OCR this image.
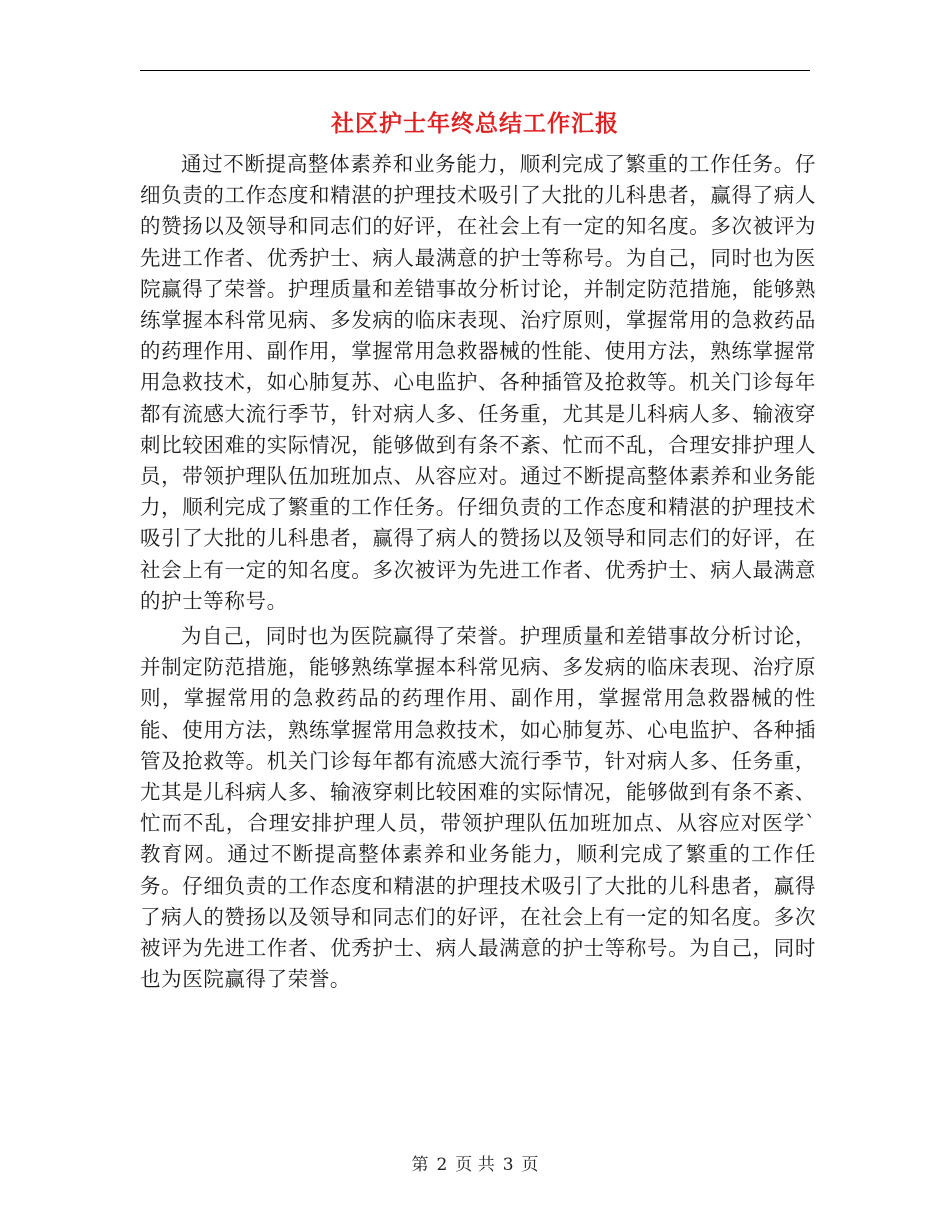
社区护士年终总结工作汇报

通过不断提高整体素养和业务能力，顺利完成了繁重的工作任务。仔细负责的工作态度和精湛的护理技术吸引了大批的儿科患者，赢得了病人的赞扬以及领导和同志们的好评，在社会上有一定的知名度。多次被评为先进工作者、优秀护士、病人最满意的护士等称号。为自己，同时也为医院赢得了荣誉。护理质量和差错事故分析讨论，并制定防范措施，能够熟练掌握本科常见病、多发病的临床表现、治疗原则，掌握常用的急救药品的药理作用、副作用，掌握常用急救器械的性能、使用方法，熟练掌握常用急救技术，如心肺复苏、心电监护、各种插管及抢救等。机关门诊每年都有流感大流行季节，针对病人多、任务重，尤其是儿科病人多、输液穿刺比较困难的实际情况，能够做到有条不紊、忙而不乱，合理安排护理人员，带领护理队伍加班加点、从容应对。通过不断提高整体素养和业务能力，顺利完成了繁重的工作任务。仔细负责的工作态度和精湛的护理技术吸引了大批的儿科患者，赢得了病人的赞扬以及领导和同志们的好评，在社会上有一定的知名度。多次被评为先进工作者、优秀护士、病人最满意的护士等称号。

为自己，同时也为医院赢得了荣誉。护理质量和差错事故分析讨论，并制定防范措施，能够熟练掌握本科常见病、多发病的临床表现、治疗原则，掌握常用的急救药品的药理作用、副作用，掌握常用急救器械的性能、使用方法，熟练掌握常用急救技术，如心肺复苏、心电监护、各种插管及抢救等。机关门诊每年都有流感大流行季节，针对病人多、任务重，尤其是儿科病人多、输液穿刺比较困难的实际情况，能够做到有条不紊、忙而不乱，合理安排护理人员，带领护理队伍加班加点、从容应对医学`教育网。通过不断提高整体素养和业务能力，顺利完成了繁重的工作任务。仔细负责的工作态度和精湛的护理技术吸引了大批的儿科患者，赢得了病人的赞扬以及领导和同志们的好评，在社会上有一定的知名度。多次被评为先进工作者、优秀护士、病人最满意的护士等称号。为自己，同时也为医院赢得了荣誉。

第 2 页 共 3 页
